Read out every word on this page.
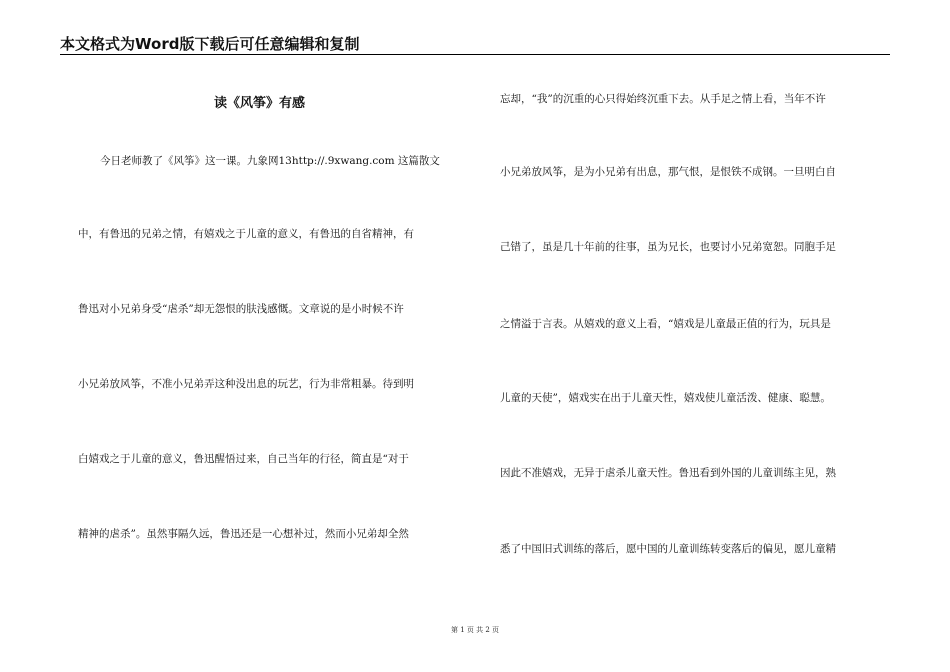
本文格式为Word版下载后可任意编辑和复制
读《风筝》有感
今日老师教了《风筝》这一课。九象网13http://.9xwang.com 这篇散文
中，有鲁迅的兄弟之情，有嬉戏之于儿童的意义，有鲁迅的自省精神，有
鲁迅对小兄弟身受“虐杀”却无怨恨的肤浅感慨。文章说的是小时候不许
小兄弟放风筝，不准小兄弟弄这种没出息的玩艺，行为非常粗暴。待到明
白嬉戏之于儿童的意义，鲁迅醒悟过来，自己当年的行径，简直是“对于
精神的虐杀”。虽然事隔久远，鲁迅还是一心想补过，然而小兄弟却全然
忘却，“我”的沉重的心只得始终沉重下去。从手足之情上看，当年不许
小兄弟放风筝，是为小兄弟有出息，那气恨，是恨铁不成钢。一旦明白自
己错了，虽是几十年前的往事，虽为兄长，也要讨小兄弟宽恕。同胞手足
之情溢于言表。从嬉戏的意义上看，“嬉戏是儿童最正值的行为，玩具是
儿童的天使”，嬉戏实在出于儿童天性，嬉戏使儿童活泼、健康、聪慧。
因此不准嬉戏，无异于虐杀儿童天性。鲁迅看到外国的儿童训练主见，熟
悉了中国旧式训练的落后，愿中国的儿童训练转变落后的偏见，愿儿童精
第 1 页 共 2 页
